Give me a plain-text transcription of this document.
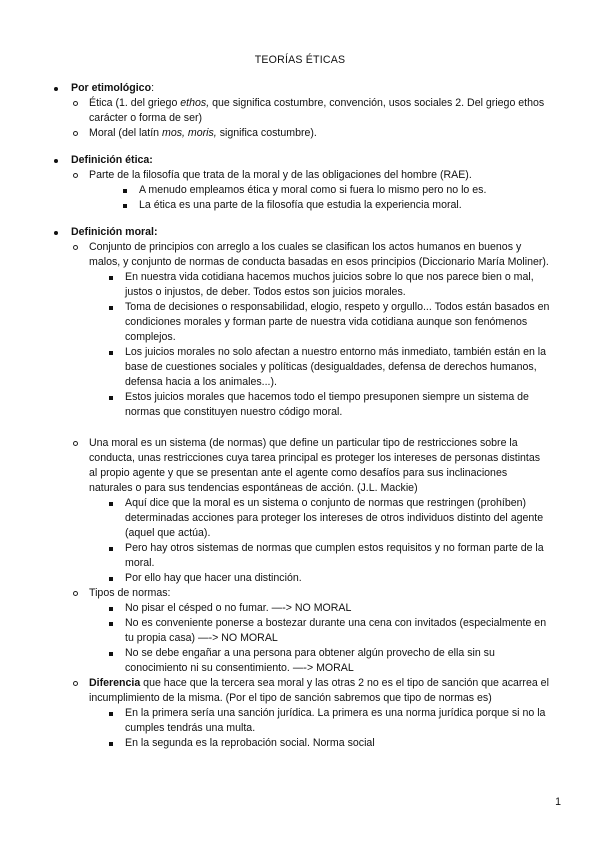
TEORÍAS ÉTICAS
Por etimológico:
Ética (1. del griego ethos, que significa costumbre, convención, usos sociales 2. Del griego ethos carácter o forma de ser)
Moral (del latín mos, moris, significa costumbre).
Definición ética:
Parte de la filosofía que trata de la moral y de las obligaciones del hombre (RAE).
A menudo empleamos ética y moral como si fuera lo mismo pero no lo es.
La ética es una parte de la filosofía que estudia la experiencia moral.
Definición moral:
Conjunto de principios con arreglo a los cuales se clasifican los actos humanos en buenos y malos, y conjunto de normas de conducta basadas en esos principios (Diccionario María Moliner).
En nuestra vida cotidiana hacemos muchos juicios sobre lo que nos parece bien o mal, justos o injustos, de deber. Todos estos son juicios morales.
Toma de decisiones o responsabilidad, elogio, respeto y orgullo... Todos están basados en condiciones morales y forman parte de nuestra vida cotidiana aunque son fenómenos complejos.
Los juicios morales no solo afectan a nuestro entorno más inmediato, también están en la base de cuestiones sociales y políticas (desigualdades, defensa de derechos humanos, defensa hacia a los animales...).
Estos juicios morales que hacemos todo el tiempo presuponen siempre un sistema de normas que constituyen nuestro código moral.
Una moral es un sistema (de normas) que define un particular tipo de restricciones sobre la conducta, unas restricciones cuya tarea principal es proteger los intereses de personas distintas al propio agente y que se presentan ante el agente como desafíos para sus inclinaciones naturales o para sus tendencias espontáneas de acción. (J.L. Mackie)
Aquí dice que la moral es un sistema o conjunto de normas que restringen (prohíben) determinadas acciones para proteger los intereses de otros individuos distinto del agente (aquel que actúa).
Pero hay otros sistemas de normas que cumplen estos requisitos y no forman parte de la moral.
Por ello hay que hacer una distinción.
Tipos de normas:
No pisar el césped o no fumar. —-> NO MORAL
No es conveniente ponerse a bostezar durante una cena con invitados (especialmente en tu propia casa) —-> NO MORAL
No se debe engañar a una persona para obtener algún provecho de ella sin su conocimiento ni su consentimiento. —-> MORAL
Diferencia que hace que la tercera sea moral y las otras 2 no es el tipo de sanción que acarrea el incumplimiento de la misma. (Por el tipo de sanción sabremos que tipo de normas es)
En la primera sería una sanción jurídica. La primera es una norma jurídica porque si no la cumples tendrás una multa.
En la segunda es la reprobación social. Norma social
1
